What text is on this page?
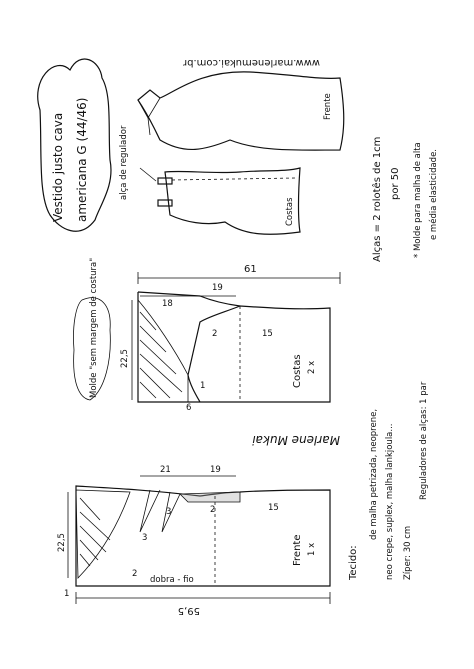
Vestido justo cava americana G (44/46)
www.marlenemukai.com.br
Frente
alça de regulador
Costas	Alças = 2 rolotês de 1cm por 50 * Molde para malha de alta e média elasticidade.
61
18
19
22,5
2	15
1
6
Costas 2 x
Molde "sem margem de costura"
Marlene Mukai
21	19
22,5
2	15
3
3
1
2
dobra - fio
59,5
Frente 1 x	Tecido:
de malha petrizada, neoprene, neo crepe, suplex, malha lankjoula... Zíper: 30 cm
Reguladores de alças: 1 par
